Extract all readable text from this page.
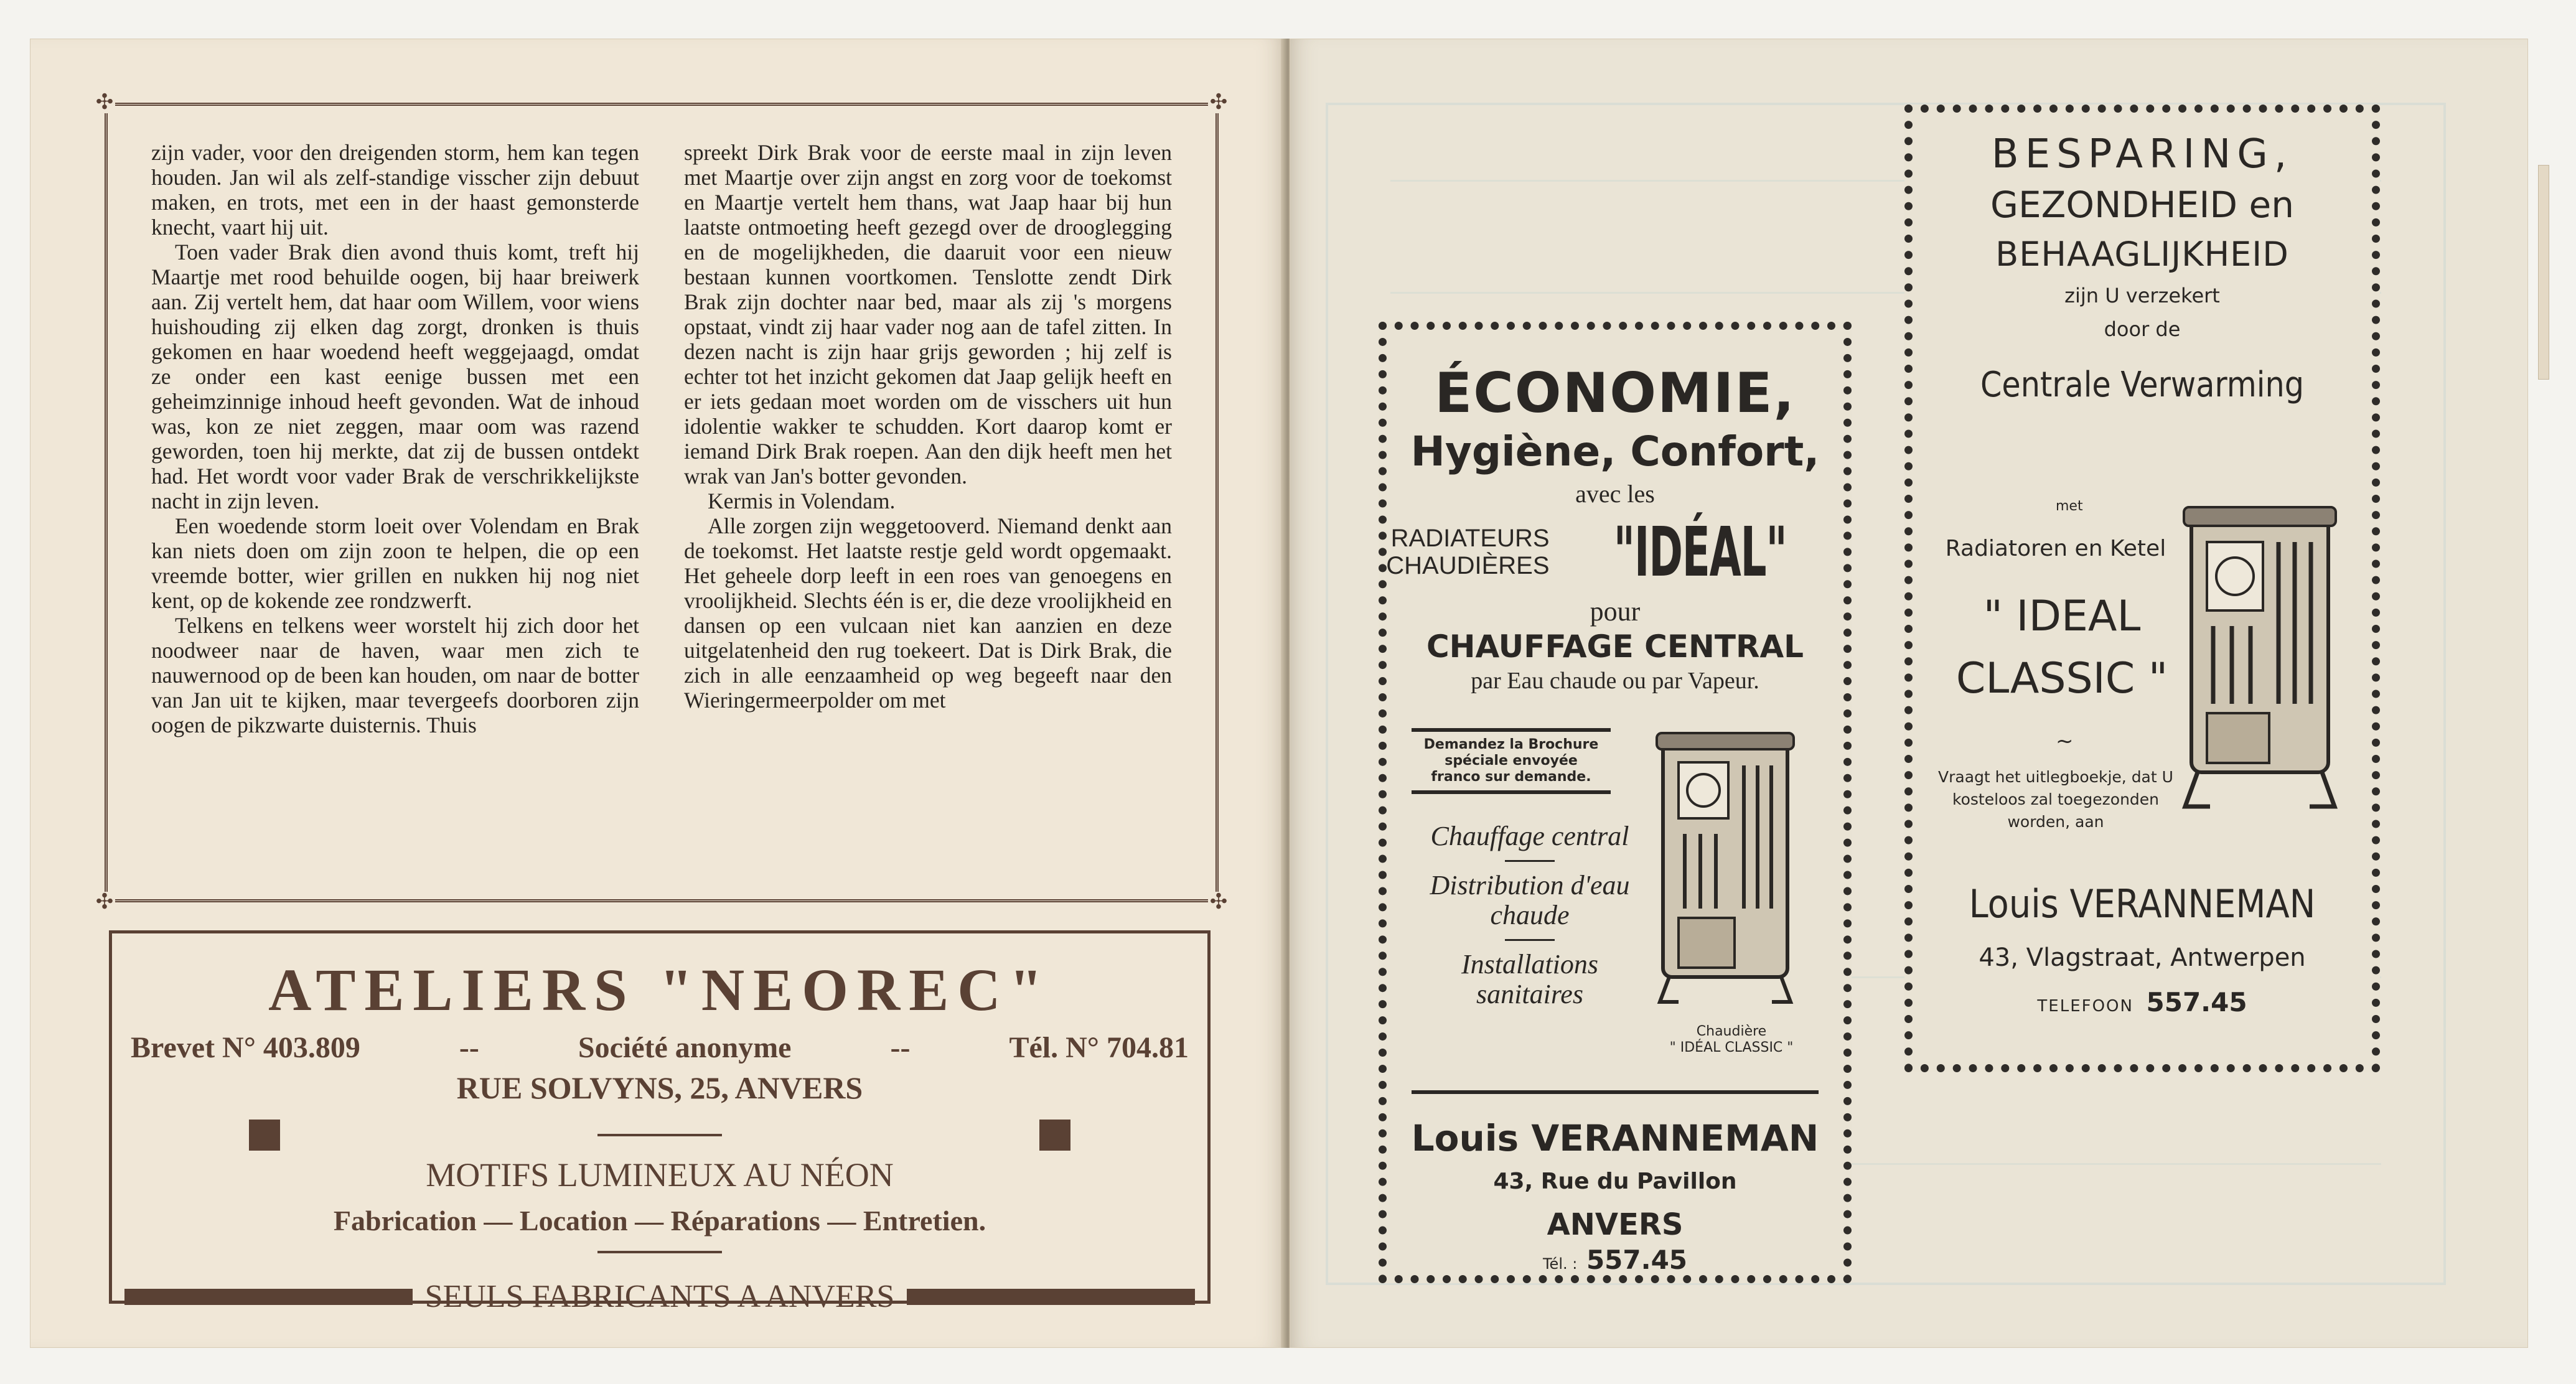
✣	✣
✣	✣

zijn vader, voor den dreigenden storm, hem kan tegen houden. Jan wil als zelf-standige visscher zijn debuut maken, en trots, met een in der haast gemonsterde knecht, vaart hij uit.

Toen vader Brak dien avond thuis komt, treft hij Maartje met rood behuilde oogen, bij haar breiwerk aan. Zij vertelt hem, dat haar oom Willem, voor wiens huishouding zij elken dag zorgt, dronken is thuis gekomen en haar woedend heeft weggejaagd, omdat ze onder een kast eenige bussen met een geheimzinnige inhoud heeft gevonden. Wat de inhoud was, kon ze niet zeggen, maar oom was razend geworden, toen hij merkte, dat zij de bussen ontdekt had. Het wordt voor vader Brak de verschrikkelijkste nacht in zijn leven.

Een woedende storm loeit over Volendam en Brak kan niets doen om zijn zoon te helpen, die op een vreemde botter, wier grillen en nukken hij nog niet kent, op de kokende zee rondzwerft.

Telkens en telkens weer worstelt hij zich door het noodweer naar de haven, waar men zich te nauwernood op de been kan houden, om naar de botter van Jan uit te kijken, maar tevergeefs doorboren zijn oogen de pikzwarte duisternis. Thuis

spreekt Dirk Brak voor de eerste maal in zijn leven met Maartje over zijn angst en zorg voor de toekomst en Maartje vertelt hem thans, wat Jaap haar bij hun laatste ontmoeting heeft gezegd over de drooglegging en de mogelijkheden, die daaruit voor een nieuw bestaan kunnen voortkomen. Tenslotte zendt Dirk Brak zijn dochter naar bed, maar als zij 's morgens opstaat, vindt zij haar vader nog aan de tafel zitten. In dezen nacht is zijn haar grijs geworden ; hij zelf is echter tot het inzicht gekomen dat Jaap gelijk heeft en er iets gedaan moet worden om de visschers uit hun idolentie wakker te schudden. Kort daarop komt er iemand Dirk Brak roepen. Aan den dijk heeft men het wrak van Jan's botter gevonden.

Kermis in Volendam.

Alle zorgen zijn weggetooverd. Niemand denkt aan de toekomst. Het laatste restje geld wordt opgemaakt. Het geheele dorp leeft in een roes van genoegens en vroolijkheid. Slechts één is er, die deze vroolijkheid en dansen op een vulcaan niet kan aanzien en deze uitgelatenheid den rug toekeert. Dat is Dirk Brak, die zich in alle eenzaamheid op weg begeeft naar den Wieringermeerpolder om met

ATELIERS "NEOREC"
Brevet N° 403.809	--	Société anonyme	--	Tél. N° 704.81
RUE SOLVYNS, 25, ANVERS
MOTIFS LUMINEUX AU NÉON
Fabrication — Location — Réparations — Entretien.
SEULS FABRICANTS A ANVERS
ÉCONOMIE,
Hygiène, Confort,
avec les
RADIATEURS
CHAUDIÈRES "IDÉAL"
pour
CHAUFFAGE CENTRAL
par Eau chaude ou par Vapeur.
Demandez la Brochure
spéciale envoyée
franco sur demande.
Chauffage central
Distribution d'eau chaude
Installations sanitaires
Chaudière
" IDÉAL CLASSIC "
Louis VERANNEMAN
43, Rue du Pavillon
ANVERS
Tél. : 557.45
BESPARING,
GEZONDHEID en
BEHAAGLIJKHEID
zijn U verzekert
door de
Centrale Verwarming
met
Radiatoren en Ketel
" IDEAL CLASSIC "
~
Vraagt het uitlegboekje, dat U kosteloos zal toegezonden worden, aan
Louis VERANNEMAN
43, Vlagstraat, Antwerpen
TELEFOON 557.45
